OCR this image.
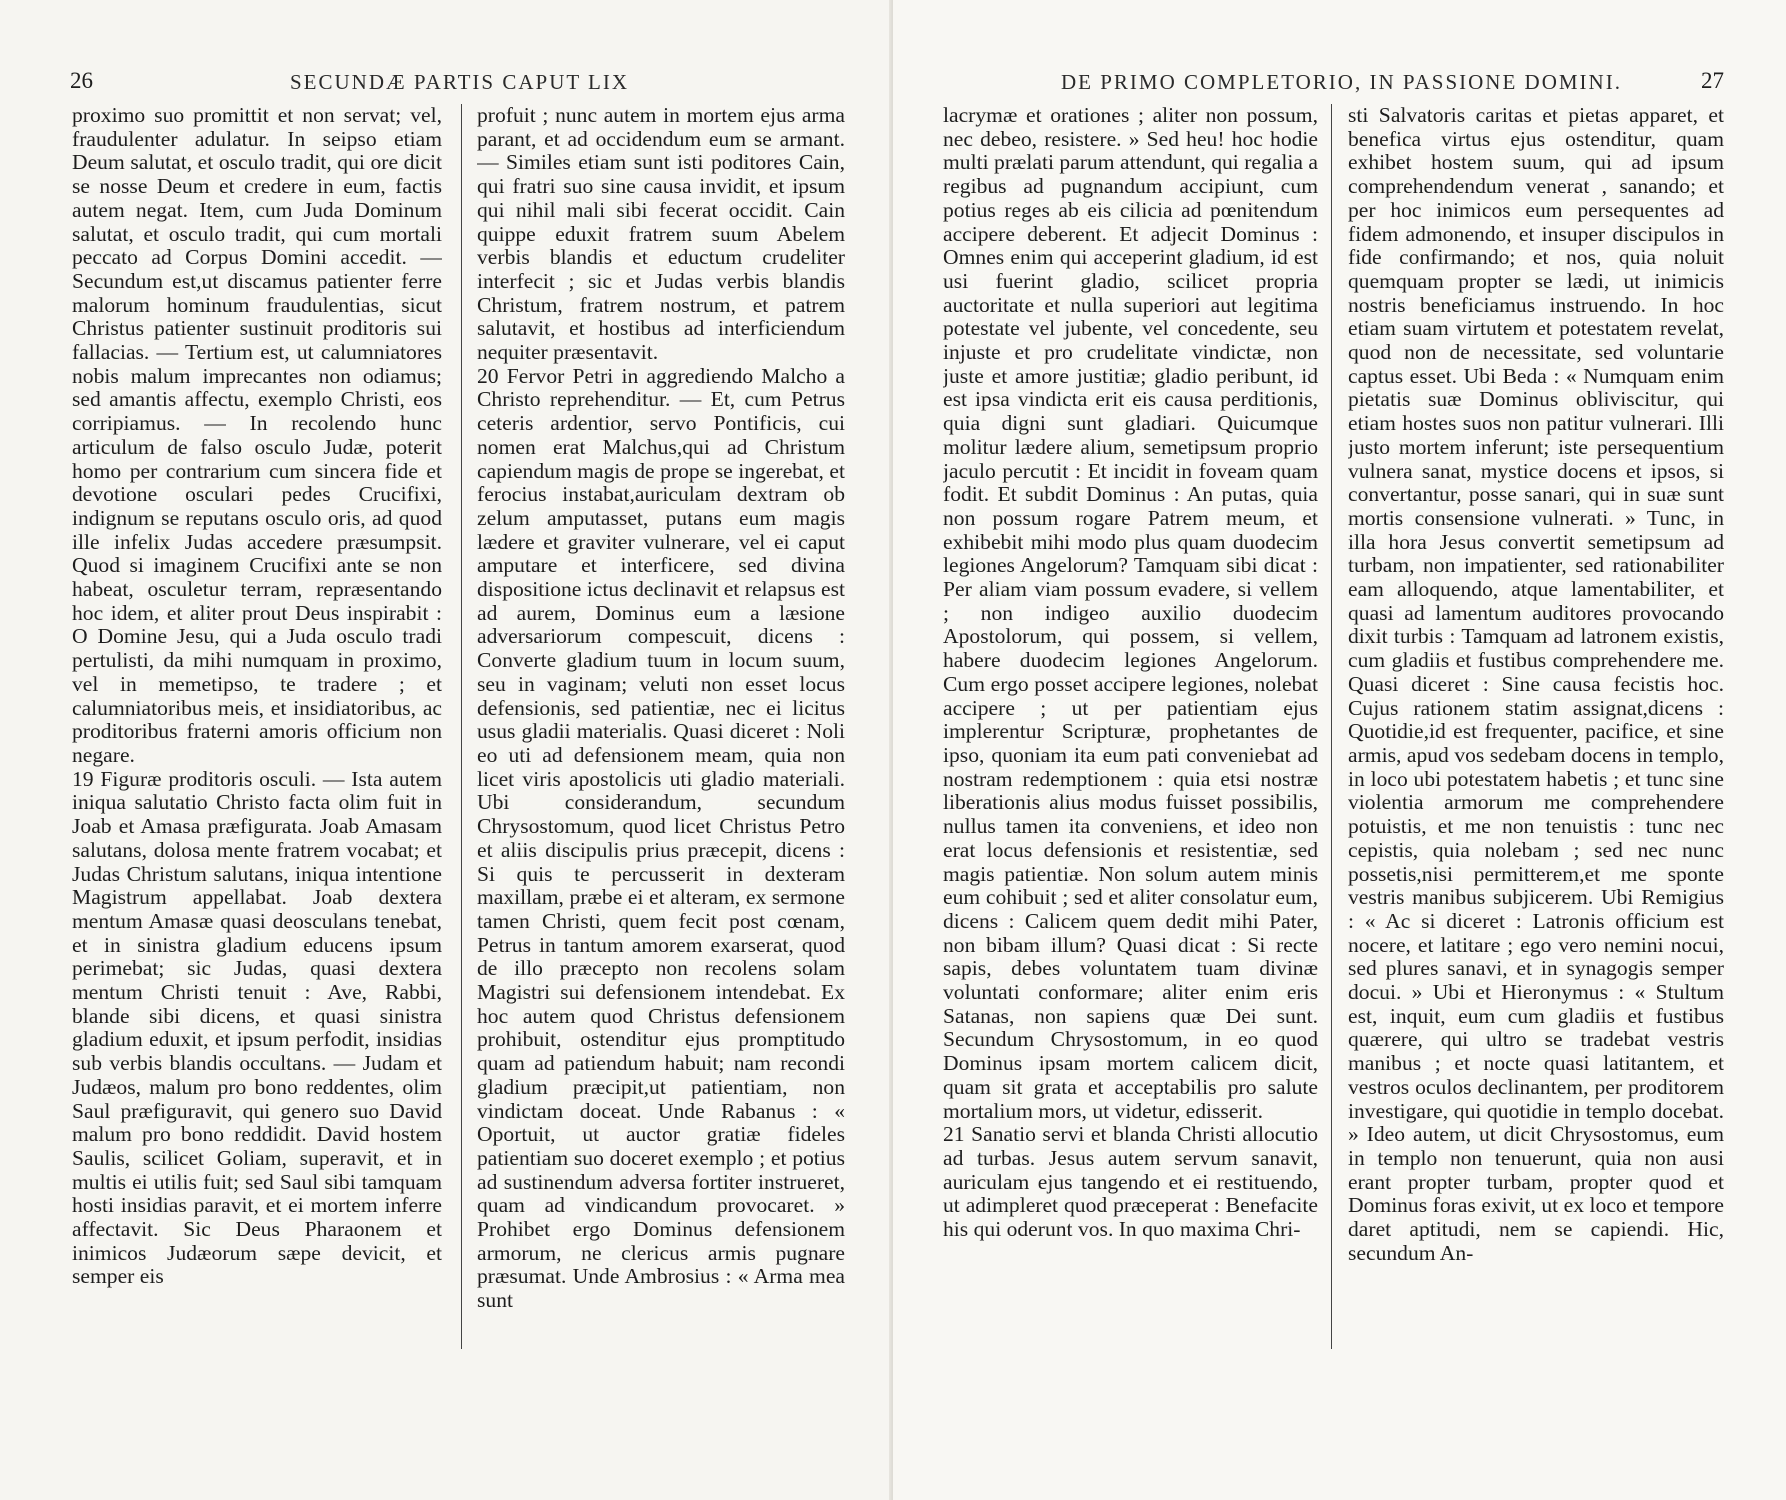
26	SECUNDÆ PARTIS CAPUT LIX

proximo suo promittit et non servat; vel, fraudulenter adulatur. In seipso etiam Deum salutat, et osculo tradit, qui ore dicit se nosse Deum et credere in eum, factis autem negat. Item, cum Juda Dominum salutat, et osculo tradit, qui cum mortali peccato ad Corpus Domini accedit. — Secundum est,ut discamus patienter ferre malorum hominum fraudulentias, sicut Christus patienter sustinuit proditoris sui fallacias. — Tertium est, ut calumniatores nobis malum imprecantes non odiamus; sed amantis affectu, exemplo Christi, eos corripiamus. — In recolendo hunc articulum de falso osculo Judæ, poterit homo per contrarium cum sincera fide et devotione osculari pedes Crucifixi, indignum se reputans osculo oris, ad quod ille infelix Judas accedere præsumpsit. Quod si imaginem Crucifixi ante se non habeat, osculetur terram, repræsentando hoc idem, et aliter prout Deus inspirabit : O Domine Jesu, qui a Juda osculo tradi pertulisti, da mihi numquam in proximo, vel in memetipso, te tradere ; et calumniatoribus meis, et insidiatoribus, ac proditoribus fraterni amoris officium non negare.

19 Figuræ proditoris osculi. — Ista autem iniqua salutatio Christo facta olim fuit in Joab et Amasa præfigurata. Joab Amasam salutans, dolosa mente fratrem vocabat; et Judas Christum salutans, iniqua intentione Magistrum appellabat. Joab dextera mentum Amasæ quasi deosculans tenebat, et in sinistra gladium educens ipsum perimebat; sic Judas, quasi dextera mentum Christi tenuit : Ave, Rabbi, blande sibi dicens, et quasi sinistra gladium eduxit, et ipsum perfodit, insidias sub verbis blandis occultans. — Judam et Judæos, malum pro bono reddentes, olim Saul præfiguravit, qui genero suo David malum pro bono reddidit. David hostem Saulis, scilicet Goliam, superavit, et in multis ei utilis fuit; sed Saul sibi tamquam hosti insidias paravit, et ei mortem inferre affectavit. Sic Deus Pharaonem et inimicos Judæorum sæpe devicit, et semper eis

profuit ; nunc autem in mortem ejus arma parant, et ad occidendum eum se armant. — Similes etiam sunt isti poditores Cain, qui fratri suo sine causa invidit, et ipsum qui nihil mali sibi fecerat occidit. Cain quippe eduxit fratrem suum Abelem verbis blandis et eductum crudeliter interfecit ; sic et Judas verbis blandis Christum, fratrem nostrum, et patrem salutavit, et hostibus ad interficiendum nequiter præsentavit.

20 Fervor Petri in aggrediendo Malcho a Christo reprehenditur. — Et, cum Petrus ceteris ardentior, servo Pontificis, cui nomen erat Malchus,qui ad Christum capiendum magis de prope se ingerebat, et ferocius instabat,auriculam dextram ob zelum amputasset, putans eum magis lædere et graviter vulnerare, vel ei caput amputare et interficere, sed divina dispositione ictus declinavit et relapsus est ad aurem, Dominus eum a læsione adversariorum compescuit, dicens : Converte gladium tuum in locum suum, seu in vaginam; veluti non esset locus defensionis, sed patientiæ, nec ei licitus usus gladii materialis. Quasi diceret : Noli eo uti ad defensionem meam, quia non licet viris apostolicis uti gladio materiali. Ubi considerandum, secundum Chrysostomum, quod licet Christus Petro et aliis discipulis prius præcepit, dicens : Si quis te percusserit in dexteram maxillam, præbe ei et alteram, ex sermone tamen Christi, quem fecit post cœnam, Petrus in tantum amorem exarserat, quod de illo præcepto non recolens solam Magistri sui defensionem intendebat. Ex hoc autem quod Christus defensionem prohibuit, ostenditur ejus promptitudo quam ad patiendum habuit; nam recondi gladium præcipit,ut patientiam, non vindictam doceat. Unde Rabanus : « Oportuit, ut auctor gratiæ fideles patientiam suo doceret exemplo ; et potius ad sustinendum adversa fortiter instrueret, quam ad vindicandum provocaret. » Prohibet ergo Dominus defensionem armorum, ne clericus armis pugnare præsumat. Unde Ambrosius : « Arma mea sunt

DE PRIMO COMPLETORIO, IN PASSIONE DOMINI.	27

lacrymæ et orationes ; aliter non possum, nec debeo, resistere. » Sed heu! hoc hodie multi prælati parum attendunt, qui regalia a regibus ad pugnandum accipiunt, cum potius reges ab eis cilicia ad pœnitendum accipere deberent. Et adjecit Dominus : Omnes enim qui acceperint gladium, id est usi fuerint gladio, scilicet propria auctoritate et nulla superiori aut legitima potestate vel jubente, vel concedente, seu injuste et pro crudelitate vindictæ, non juste et amore justitiæ; gladio peribunt, id est ipsa vindicta erit eis causa perditionis, quia digni sunt gladiari. Quicumque molitur lædere alium, semetipsum proprio jaculo percutit : Et incidit in foveam quam fodit. Et subdit Dominus : An putas, quia non possum rogare Patrem meum, et exhibebit mihi modo plus quam duodecim legiones Angelorum? Tamquam sibi dicat : Per aliam viam possum evadere, si vellem ; non indigeo auxilio duodecim Apostolorum, qui possem, si vellem, habere duodecim legiones Angelorum. Cum ergo posset accipere legiones, nolebat accipere ; ut per patientiam ejus implerentur Scripturæ, prophetantes de ipso, quoniam ita eum pati conveniebat ad nostram redemptionem : quia etsi nostræ liberationis alius modus fuisset possibilis, nullus tamen ita conveniens, et ideo non erat locus defensionis et resistentiæ, sed magis patientiæ. Non solum autem minis eum cohibuit ; sed et aliter consolatur eum, dicens : Calicem quem dedit mihi Pater, non bibam illum? Quasi dicat : Si recte sapis, debes voluntatem tuam divinæ voluntati conformare; aliter enim eris Satanas, non sapiens quæ Dei sunt. Secundum Chrysostomum, in eo quod Dominus ipsam mortem calicem dicit, quam sit grata et acceptabilis pro salute mortalium mors, ut videtur, edisserit.

21 Sanatio servi et blanda Christi allocutio ad turbas. Jesus autem servum sanavit, auriculam ejus tangendo et ei restituendo, ut adimpleret quod præceperat : Benefacite his qui oderunt vos. In quo maxima Chri-

sti Salvatoris caritas et pietas apparet, et benefica virtus ejus ostenditur, quam exhibet hostem suum, qui ad ipsum comprehendendum venerat , sanando; et per hoc inimicos eum persequentes ad fidem admonendo, et insuper discipulos in fide confirmando; et nos, quia noluit quemquam propter se lædi, ut inimicis nostris beneficiamus instruendo. In hoc etiam suam virtutem et potestatem revelat, quod non de necessitate, sed voluntarie captus esset. Ubi Beda : « Numquam enim pietatis suæ Dominus obliviscitur, qui etiam hostes suos non patitur vulnerari. Illi justo mortem inferunt; iste persequentium vulnera sanat, mystice docens et ipsos, si convertantur, posse sanari, qui in suæ sunt mortis consensione vulnerati. » Tunc, in illa hora Jesus convertit semetipsum ad turbam, non impatienter, sed rationabiliter eam alloquendo, atque lamentabiliter, et quasi ad lamentum auditores provocando dixit turbis : Tamquam ad latronem existis, cum gladiis et fustibus comprehendere me. Quasi diceret : Sine causa fecistis hoc. Cujus rationem statim assignat,dicens : Quotidie,id est frequenter, pacifice, et sine armis, apud vos sedebam docens in templo, in loco ubi potestatem habetis ; et tunc sine violentia armorum me comprehendere potuistis, et me non tenuistis : tunc nec cepistis, quia nolebam ; sed nec nunc possetis,nisi permitterem,et me sponte vestris manibus subjicerem. Ubi Remigius : « Ac si diceret : Latronis officium est nocere, et latitare ; ego vero nemini nocui, sed plures sanavi, et in synagogis semper docui. » Ubi et Hieronymus : « Stultum est, inquit, eum cum gladiis et fustibus quærere, qui ultro se tradebat vestris manibus ; et nocte quasi latitantem, et vestros oculos declinantem, per proditorem investigare, qui quotidie in templo docebat. » Ideo autem, ut dicit Chrysostomus, eum in templo non tenuerunt, quia non ausi erant propter turbam, propter quod et Dominus foras exivit, ut ex loco et tempore daret aptitudi, nem se capiendi. Hic, secundum An-
